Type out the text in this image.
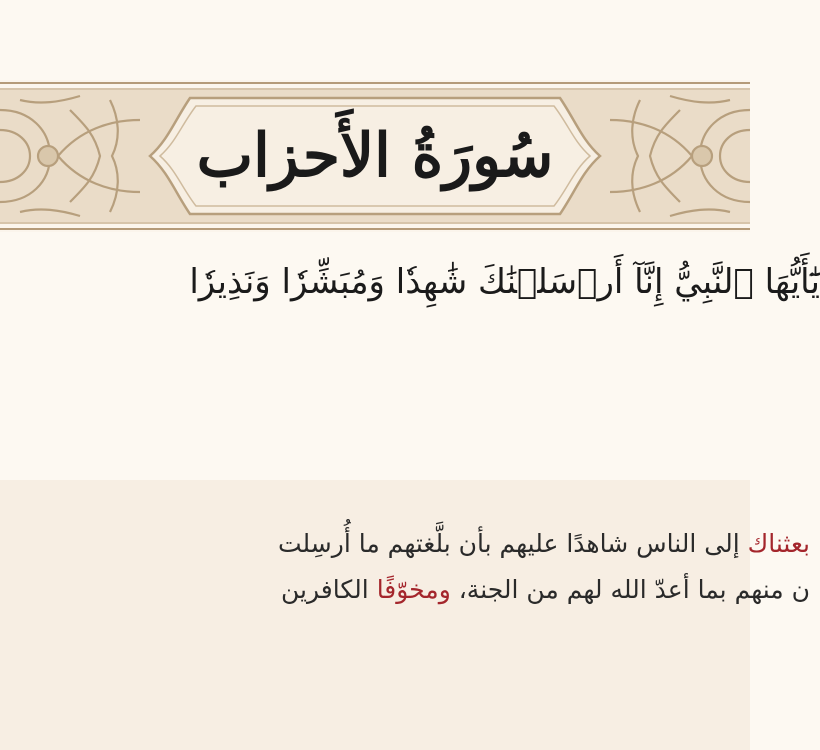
سُورَةُ الأَحزاب
يَٰٓأَيُّهَا ٱلنَّبِيُّ إِنَّآ أَرۡسَلۡنَٰكَ شَٰهِدٗا وَمُبَشِّرٗا وَنَذِيرٗا
بعثناك إلى الناس شاهدًا عليهم بأن بلَّغتهم ما أُرسِلت
ن منهم بما أعدّ الله لهم من الجنة، ومخوّفًا الكافرين
